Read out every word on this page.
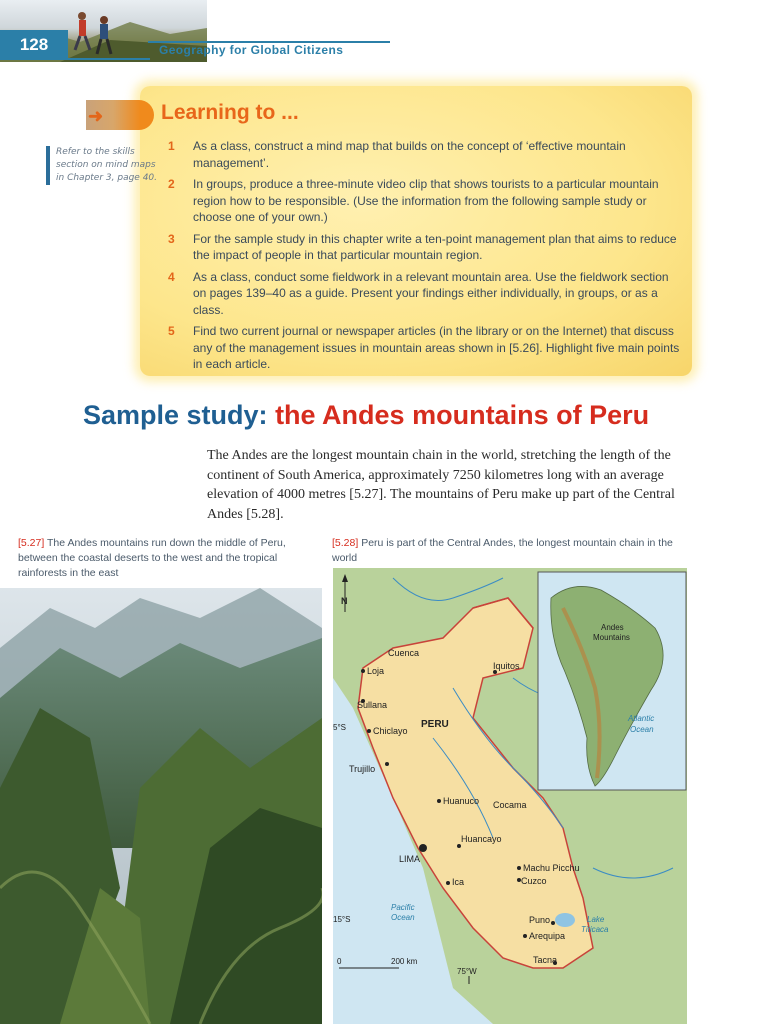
128	Geography for Global Citizens
➜	Learning to ...
Refer to the skills section on mind maps in Chapter 3, page 40.
1 As a class, construct a mind map that builds on the concept of ‘effective mountain management’.
2 In groups, produce a three-minute video clip that shows tourists to a particular mountain region how to be responsible. (Use the information from the following sample study or choose one of your own.)
3 For the sample study in this chapter write a ten-point management plan that aims to reduce the impact of people in that particular mountain region.
4 As a class, conduct some fieldwork in a relevant mountain area. Use the fieldwork section on pages 139–40 as a guide. Present your findings either individually, in groups, or as a class.
5 Find two current journal or newspaper articles (in the library or on the Internet) that discuss any of the management issues in mountain areas shown in [5.26]. Highlight five main points in each article.
Sample study: the Andes mountains of Peru
The Andes are the longest mountain chain in the world, stretching the length of the continent of South America, approximately 7250 kilometres long with an average elevation of 4000 metres [5.27]. The mountains of Peru make up part of the Central Andes [5.28].
[5.27] The Andes mountains run down the middle of Peru, between the coastal deserts to the west and the tropical rainforests in the east
[5.28] Peru is part of the Central Andes, the longest mountain chain in the world
N
Andes
Mountains
Atlantic
Ocean
5°S
15°S
75°W
0	200 km
PERU
Pacific
Ocean	Lake
Titicaca
Cuenca
Loja
Sullana
Chiclayo
Iquitos
Trujillo
Huanuco Cocama
Huancayo
LIMA
Machu Picchu
Cuzco
Ica
Puno
Arequipa
Tacna
